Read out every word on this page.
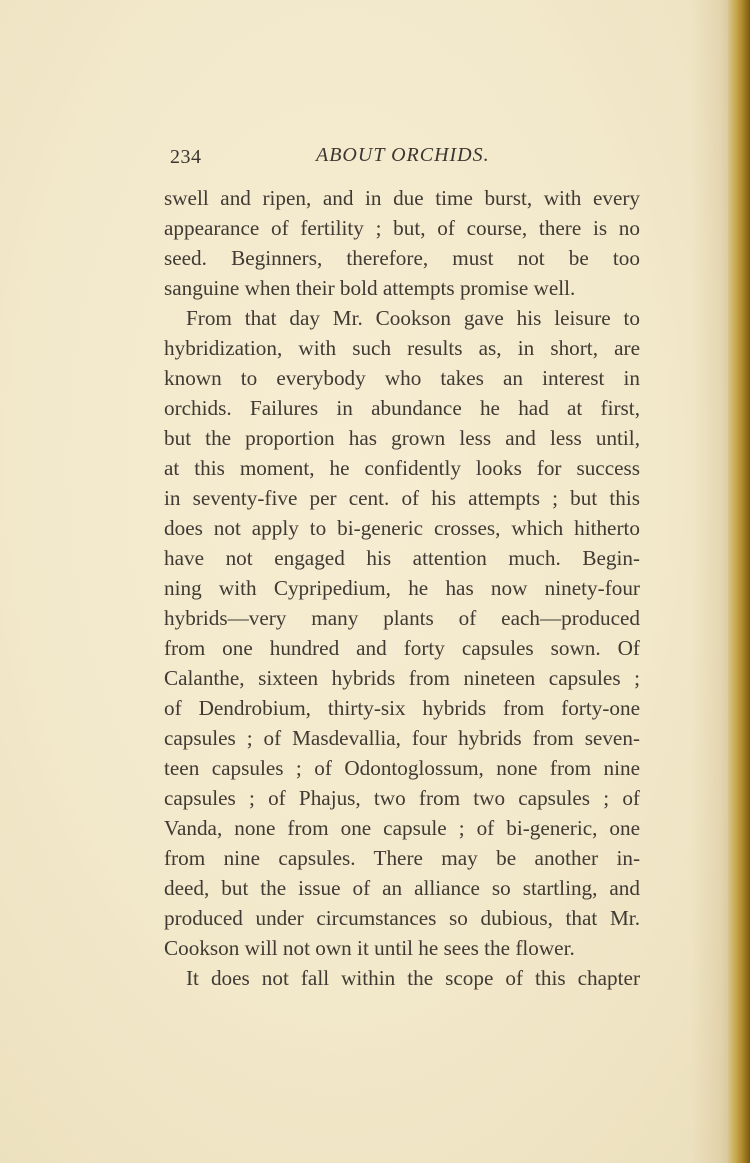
234	ABOUT ORCHIDS.
swell and ripen, and in due time burst, with every
appearance of fertility ; but, of course, there is no
seed. Beginners, therefore, must not be too
sanguine when their bold attempts promise well.
From that day Mr. Cookson gave his leisure to
hybridization, with such results as, in short, are
known to everybody who takes an interest in
orchids. Failures in abundance he had at first,
but the proportion has grown less and less until,
at this moment, he confidently looks for success
in seventy-five per cent. of his attempts ; but this
does not apply to bi-generic crosses, which hitherto
have not engaged his attention much. Begin-
ning with Cypripedium, he has now ninety-four
hybrids—very many plants of each—produced
from one hundred and forty capsules sown. Of
Calanthe, sixteen hybrids from nineteen capsules ;
of Dendrobium, thirty-six hybrids from forty-one
capsules ; of Masdevallia, four hybrids from seven-
teen capsules ; of Odontoglossum, none from nine
capsules ; of Phajus, two from two capsules ; of
Vanda, none from one capsule ; of bi-generic, one
from nine capsules. There may be another in-
deed, but the issue of an alliance so startling, and
produced under circumstances so dubious, that Mr.
Cookson will not own it until he sees the flower.
It does not fall within the scope of this chapter
